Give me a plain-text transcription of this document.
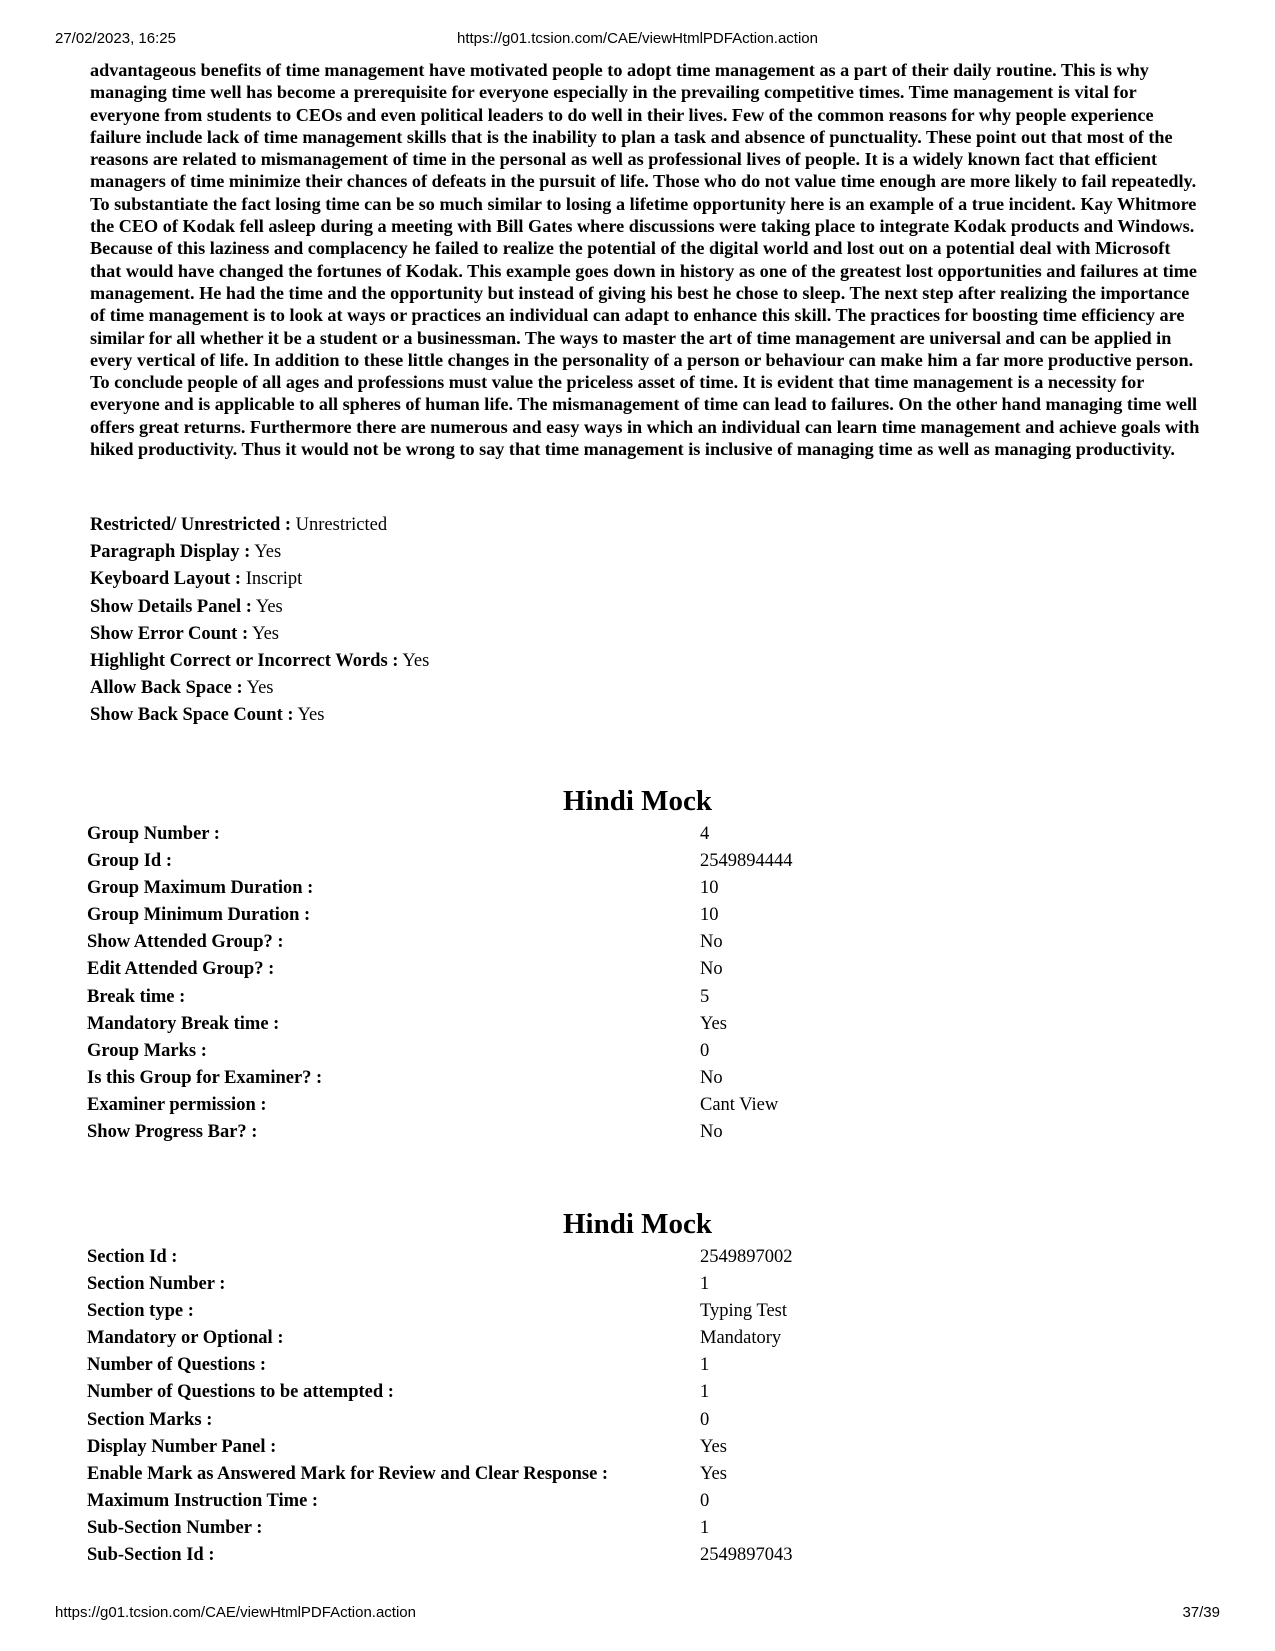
27/02/2023, 16:25	https://g01.tcsion.com/CAE/viewHtmlPDFAction.action
advantageous benefits of time management have motivated people to adopt time management as a part of their daily routine. This is why managing time well has become a prerequisite for everyone especially in the prevailing competitive times. Time management is vital for everyone from students to CEOs and even political leaders to do well in their lives. Few of the common reasons for why people experience failure include lack of time management skills that is the inability to plan a task and absence of punctuality. These point out that most of the reasons are related to mismanagement of time in the personal as well as professional lives of people. It is a widely known fact that efficient managers of time minimize their chances of defeats in the pursuit of life. Those who do not value time enough are more likely to fail repeatedly. To substantiate the fact losing time can be so much similar to losing a lifetime opportunity here is an example of a true incident. Kay Whitmore the CEO of Kodak fell asleep during a meeting with Bill Gates where discussions were taking place to integrate Kodak products and Windows. Because of this laziness and complacency he failed to realize the potential of the digital world and lost out on a potential deal with Microsoft that would have changed the fortunes of Kodak. This example goes down in history as one of the greatest lost opportunities and failures at time management. He had the time and the opportunity but instead of giving his best he chose to sleep. The next step after realizing the importance of time management is to look at ways or practices an individual can adapt to enhance this skill. The practices for boosting time efficiency are similar for all whether it be a student or a businessman. The ways to master the art of time management are universal and can be applied in every vertical of life. In addition to these little changes in the personality of a person or behaviour can make him a far more productive person. To conclude people of all ages and professions must value the priceless asset of time. It is evident that time management is a necessity for everyone and is applicable to all spheres of human life. The mismanagement of time can lead to failures. On the other hand managing time well offers great returns. Furthermore there are numerous and easy ways in which an individual can learn time management and achieve goals with hiked productivity. Thus it would not be wrong to say that time management is inclusive of managing time as well as managing productivity.
Restricted/ Unrestricted : Unrestricted
Paragraph Display : Yes
Keyboard Layout : Inscript
Show Details Panel : Yes
Show Error Count : Yes
Highlight Correct or Incorrect Words : Yes
Allow Back Space : Yes
Show Back Space Count : Yes
Hindi Mock
Group Number :	4
Group Id :	2549894444
Group Maximum Duration :	10
Group Minimum Duration :	10
Show Attended Group? :	No
Edit Attended Group? :	No
Break time :	5
Mandatory Break time :	Yes
Group Marks :	0
Is this Group for Examiner? :	No
Examiner permission :	Cant View
Show Progress Bar? :	No
Hindi Mock
Section Id :	2549897002
Section Number :	1
Section type :	Typing Test
Mandatory or Optional :	Mandatory
Number of Questions :	1
Number of Questions to be attempted :	1
Section Marks :	0
Display Number Panel :	Yes
Enable Mark as Answered Mark for Review and Clear Response :	Yes
Maximum Instruction Time :	0
Sub-Section Number :	1
Sub-Section Id :	2549897043
https://g01.tcsion.com/CAE/viewHtmlPDFAction.action	37/39
